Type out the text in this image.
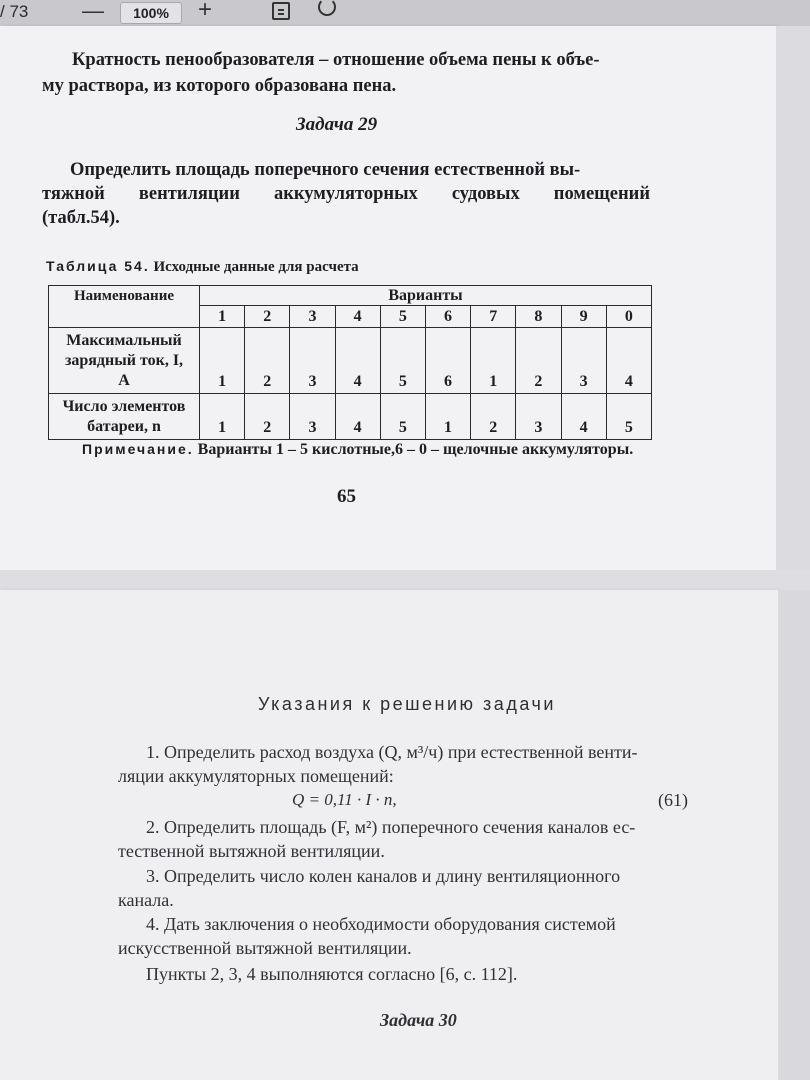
/ 73 —	100%	+
Кратность пенообразователя – отношение объема пены к объе-
му раствора, из которого образована пена.
Задача 29
Определить площадь поперечного сечения естественной вы-
тяжной вентиляции аккумуляторных судовых помещений
(табл.54).
Таблица 54. Исходные данные для расчета
Наименование	Варианты									
	1	2	3	4	5	6	7	8	9	0

Максимальный
зарядный ток, I,
А	1	2	3	4	5	6	1	2	3	4

Число элементов
батареи, n	1	2	3	4	5	1	2	3	4	5
Примечание. Варианты 1 – 5 кислотные,6 – 0 – щелочные аккумуляторы.
65
Указания к решению задачи
1. Определить расход воздуха (Q, м³/ч) при естественной венти-
ляции аккумуляторных помещений:
Q = 0,11 · I · n,	(61)
2. Определить площадь (F, м²) поперечного сечения каналов ес-
тественной вытяжной вентиляции.
3. Определить число колен каналов и длину вентиляционного
канала.
4. Дать заключения о необходимости оборудования системой
искусственной вытяжной вентиляции.
Пункты 2, 3, 4 выполняются согласно [6, с. 112].
Задача 30
